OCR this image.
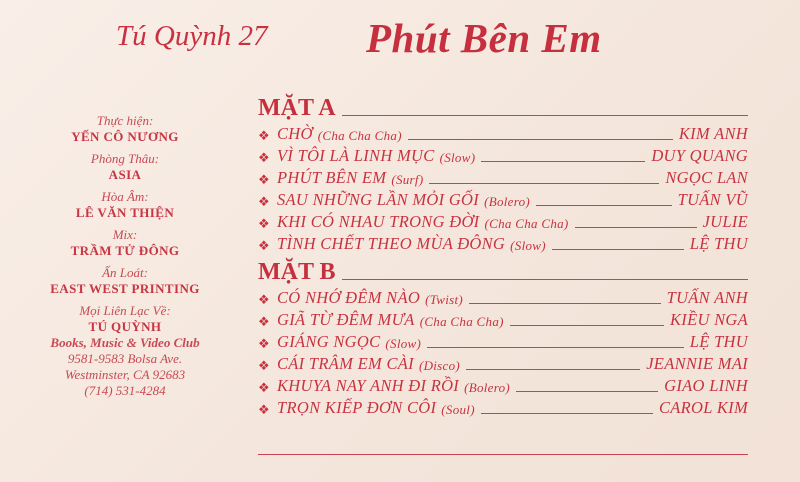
Tú Quỳnh 27 Phút Bên Em
Thực hiện:
YẾN CÔ NƯƠNG
Phòng Thâu:
ASIA
Hòa Âm:
LÊ VĂN THIỆN
Mix:
TRẦM TỬ ĐÔNG
Ấn Loát:
EAST WEST PRINTING
Mọi Liên Lạc Về:
TÚ QUỲNH
Books, Music & Video Club
9581-9583 Bolsa Ave.
Westminster, CA 92683
(714) 531-4284
MẶT A
❖ CHỜ (Cha Cha Cha)	KIM ANH
❖ VÌ TÔI LÀ LINH MỤC (Slow)	DUY QUANG
❖ PHÚT BÊN EM (Surf)	NGỌC LAN
❖ SAU NHỮNG LẦN MỎI GỐI (Bolero)	TUẤN VŨ
❖ KHI CÓ NHAU TRONG ĐỜI (Cha Cha Cha)	JULIE
❖ TÌNH CHẾT THEO MÙA ĐÔNG (Slow)	LỆ THU
MẶT B
❖ CÓ NHỚ ĐÊM NÀO (Twist)	TUẤN ANH
❖ GIÃ TỪ ĐÊM MƯA (Cha Cha Cha)	KIỀU NGA
❖ GIÁNG NGỌC (Slow)	LỆ THU
❖ CÁI TRÂM EM CÀI (Disco)	JEANNIE MAI
❖ KHUYA NAY ANH ĐI RỒI (Bolero)	GIAO LINH
❖ TRỌN KIẾP ĐƠN CÔI (Soul)	CAROL KIM
